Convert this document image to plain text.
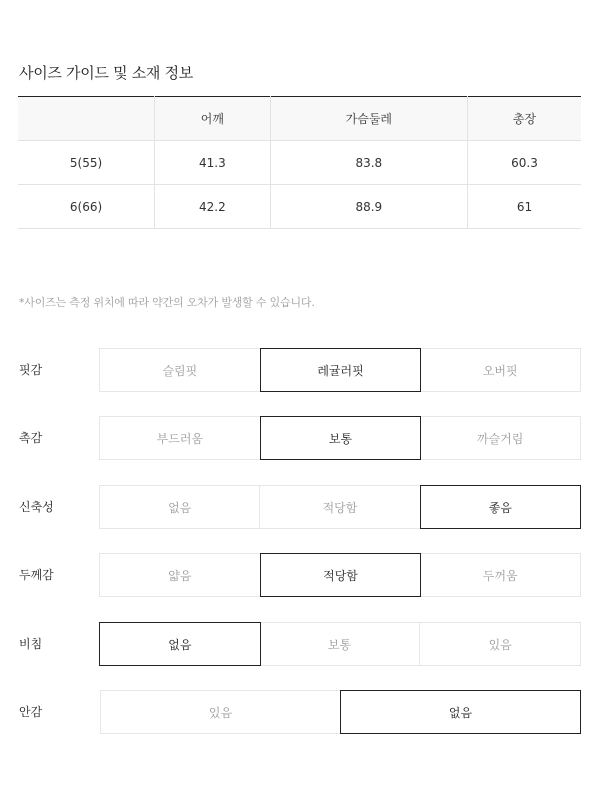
사이즈 가이드 및 소재 정보
	어깨	가슴둘레	총장
5(55)	41.3	83.8	60.3
6(66)	42.2	88.9	61
*사이즈는 측정 위치에 따라 약간의 오차가 발생할 수 있습니다.
핏감	슬림핏	레귤러핏	오버핏
촉감	부드러움	보통	까슬거림
신축성	없음	적당함	좋음
두께감	얇음	적당함	두꺼움
비침	없음	보통	있음
안감	있음	없음
